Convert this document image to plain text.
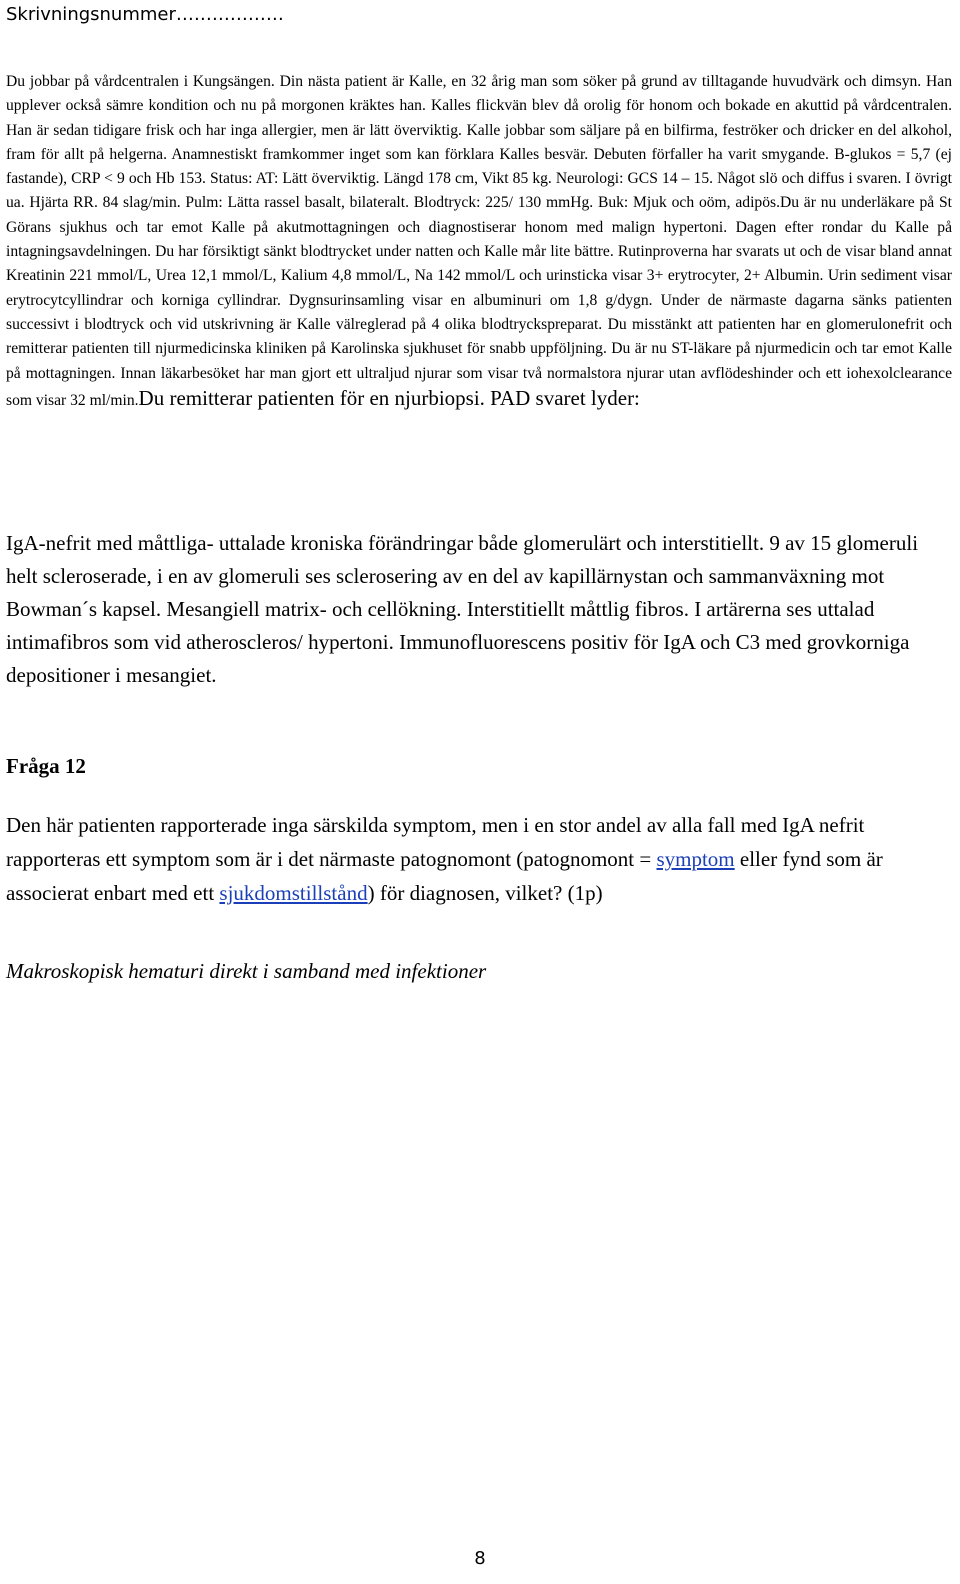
Skrivningsnummer………………

Du jobbar på vårdcentralen i Kungsängen. Din nästa patient är Kalle, en 32 årig man som söker på grund av tilltagande huvudvärk och dimsyn. Han upplever också sämre kondition och nu på morgonen kräktes han. Kalles flickvän blev då orolig för honom och bokade en akuttid på vårdcentralen. Han är sedan tidigare frisk och har inga allergier, men är lätt överviktig. Kalle jobbar som säljare på en bilfirma, feströker och dricker en del alkohol, fram för allt på helgerna. Anamnestiskt framkommer inget som kan förklara Kalles besvär. Debuten förfaller ha varit smygande. B-glukos = 5,7 (ej fastande), CRP < 9 och Hb 153. Status: AT: Lätt överviktig. Längd 178 cm, Vikt 85 kg. Neurologi: GCS 14 – 15. Något slö och diffus i svaren. I övrigt ua. Hjärta RR. 84 slag/min. Pulm: Lätta rassel basalt, bilateralt. Blodtryck: 225/ 130 mmHg. Buk: Mjuk och oöm, adipös.Du är nu underläkare på St Görans sjukhus och tar emot Kalle på akutmottagningen och diagnostiserar honom med malign hypertoni. Dagen efter rondar du Kalle på intagningsavdelningen. Du har försiktigt sänkt blodtrycket under natten och Kalle mår lite bättre. Rutinproverna har svarats ut och de visar bland annat Kreatinin 221 mmol/L, Urea 12,1 mmol/L, Kalium 4,8 mmol/L, Na 142 mmol/L och urinsticka visar 3+ erytrocyter, 2+ Albumin. Urin sediment visar erytrocytcyllindrar och korniga cyllindrar. Dygnsurinsamling visar en albuminuri om 1,8 g/dygn. Under de närmaste dagarna sänks patienten successivt i blodtryck och vid utskrivning är Kalle välreglerad på 4 olika blodtryckspreparat. Du misstänkt att patienten har en glomerulonefrit och remitterar patienten till njurmedicinska kliniken på Karolinska sjukhuset för snabb uppföljning. Du är nu ST-läkare på njurmedicin och tar emot Kalle på mottagningen. Innan läkarbesöket har man gjort ett ultraljud njurar som visar två normalstora njurar utan avflödeshinder och ett iohexolclearance som visar 32 ml/min.Du remitterar patienten för en njurbiopsi. PAD svaret lyder:

IgA-nefrit med måttliga- uttalade kroniska förändringar både glomerulärt och interstitiellt. 9 av 15 glomeruli helt scleroserade, i en av glomeruli ses sclerosering av en del av kapillärnystan och sammanväxning mot Bowman´s kapsel. Mesangiell matrix- och cellökning. Interstitiellt måttlig fibros. I artärerna ses uttalad intimafibros som vid atheroscleros/ hypertoni. Immunofluorescens positiv för IgA och C3 med grovkorniga depositioner i mesangiet.

Fråga 12

Den här patienten rapporterade inga särskilda symptom, men i en stor andel av alla fall med IgA nefrit rapporteras ett symptom som är i det närmaste patognomont (patognomont = symptom eller fynd som är associerat enbart med ett sjukdomstillstånd) för diagnosen, vilket? (1p)

Makroskopisk hematuri direkt i samband med infektioner

8
